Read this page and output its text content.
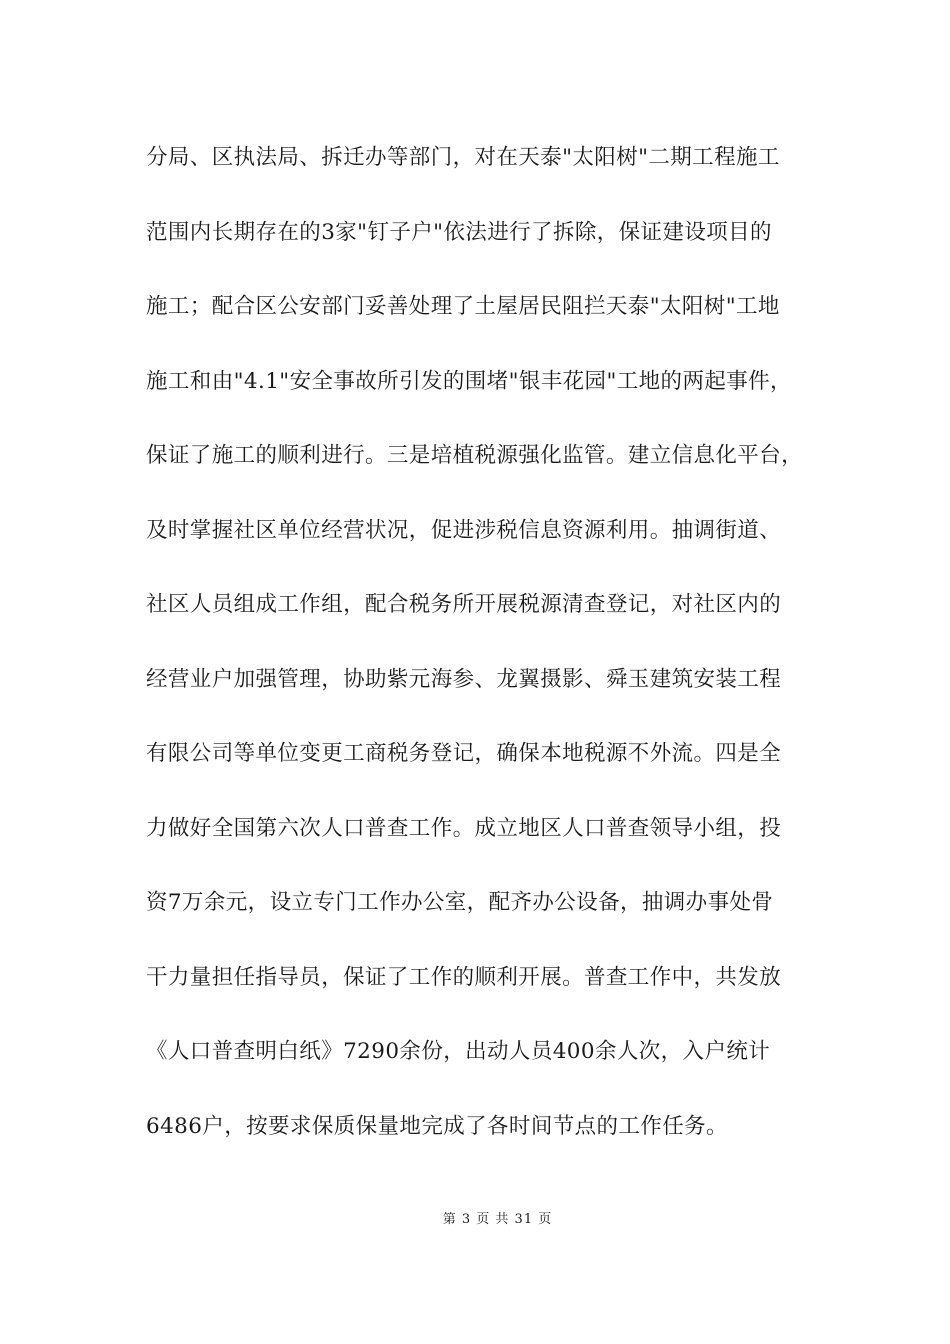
分局、区执法局、拆迁办等部门，对在天泰"太阳树"二期工程施工
范围内长期存在的3家"钉子户"依法进行了拆除，保证建设项目的
施工；配合区公安部门妥善处理了土屋居民阻拦天泰"太阳树"工地
施工和由"4.1"安全事故所引发的围堵"银丰花园"工地的两起事件，
保证了施工的顺利进行。三是培植税源强化监管。建立信息化平台，
及时掌握社区单位经营状况，促进涉税信息资源利用。抽调街道、
社区人员组成工作组，配合税务所开展税源清查登记，对社区内的
经营业户加强管理，协助紫元海参、龙翼摄影、舜玉建筑安装工程
有限公司等单位变更工商税务登记，确保本地税源不外流。四是全
力做好全国第六次人口普查工作。成立地区人口普查领导小组，投
资7万余元，设立专门工作办公室，配齐办公设备，抽调办事处骨
干力量担任指导员，保证了工作的顺利开展。普查工作中，共发放
《人口普查明白纸》7290余份，出动人员400余人次，入户统计
6486户，按要求保质保量地完成了各时间节点的工作任务。
第 3 页 共 31 页
